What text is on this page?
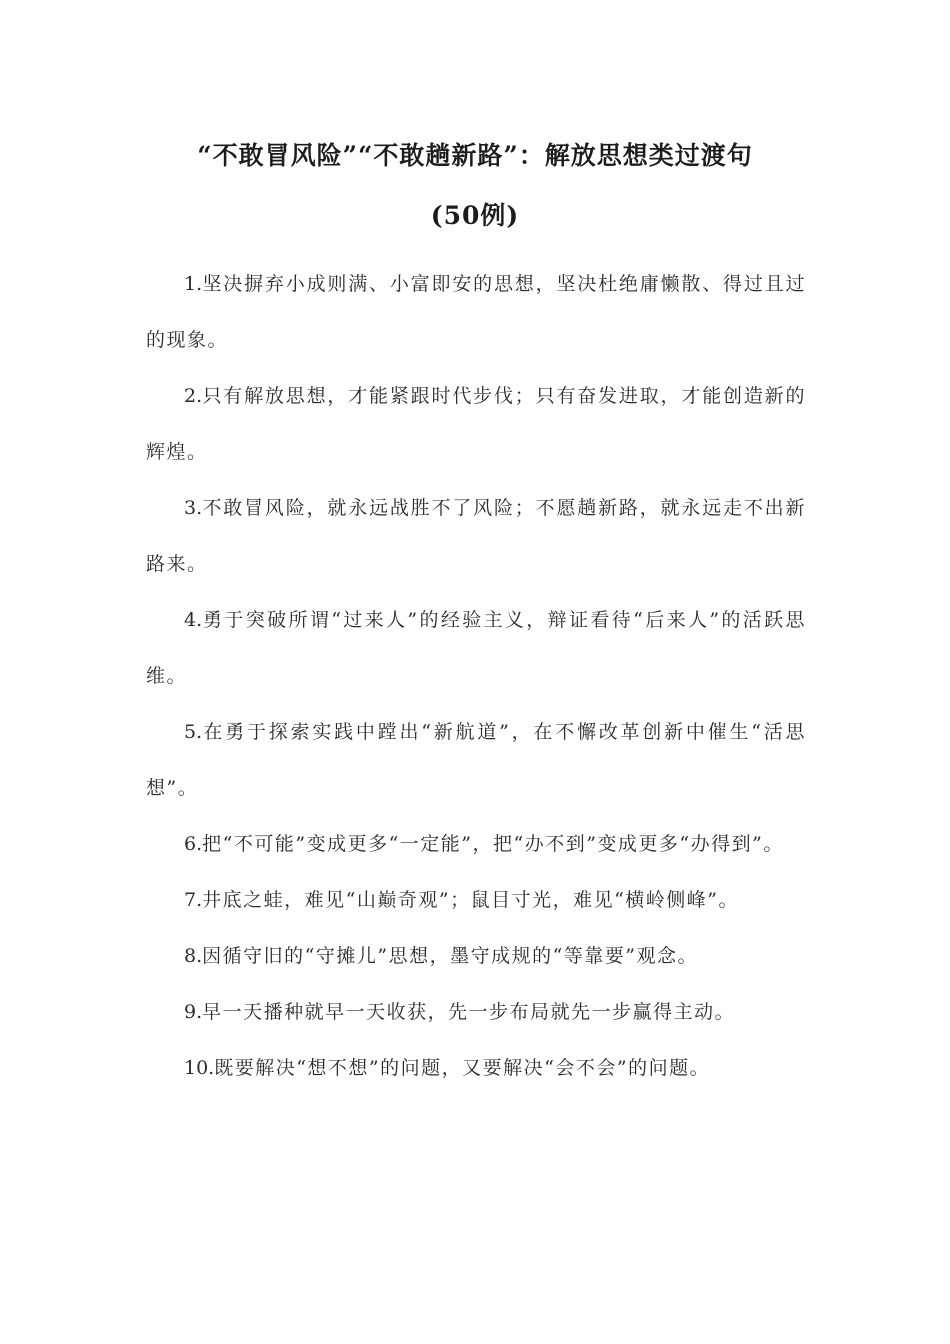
“不敢冒风险”“不敢趟新路”：解放思想类过渡句
(50例)

1.坚决摒弃小成则满、小富即安的思想，坚决杜绝庸懒散、得过且过的现象。

2.只有解放思想，才能紧跟时代步伐；只有奋发进取，才能创造新的辉煌。

3.不敢冒风险，就永远战胜不了风险；不愿趟新路，就永远走不出新路来。

4.勇于突破所谓“过来人”的经验主义，辩证看待“后来人”的活跃思维。

5.在勇于探索实践中蹚出“新航道”，在不懈改革创新中催生“活思想”。

6.把“不可能”变成更多“一定能”，把“办不到”变成更多“办得到”。

7.井底之蛙，难见“山巅奇观”；鼠目寸光，难见“横岭侧峰”。

8.因循守旧的“守摊儿”思想，墨守成规的“等靠要”观念。

9.早一天播种就早一天收获，先一步布局就先一步赢得主动。

10.既要解决“想不想”的问题，又要解决“会不会”的问题。
